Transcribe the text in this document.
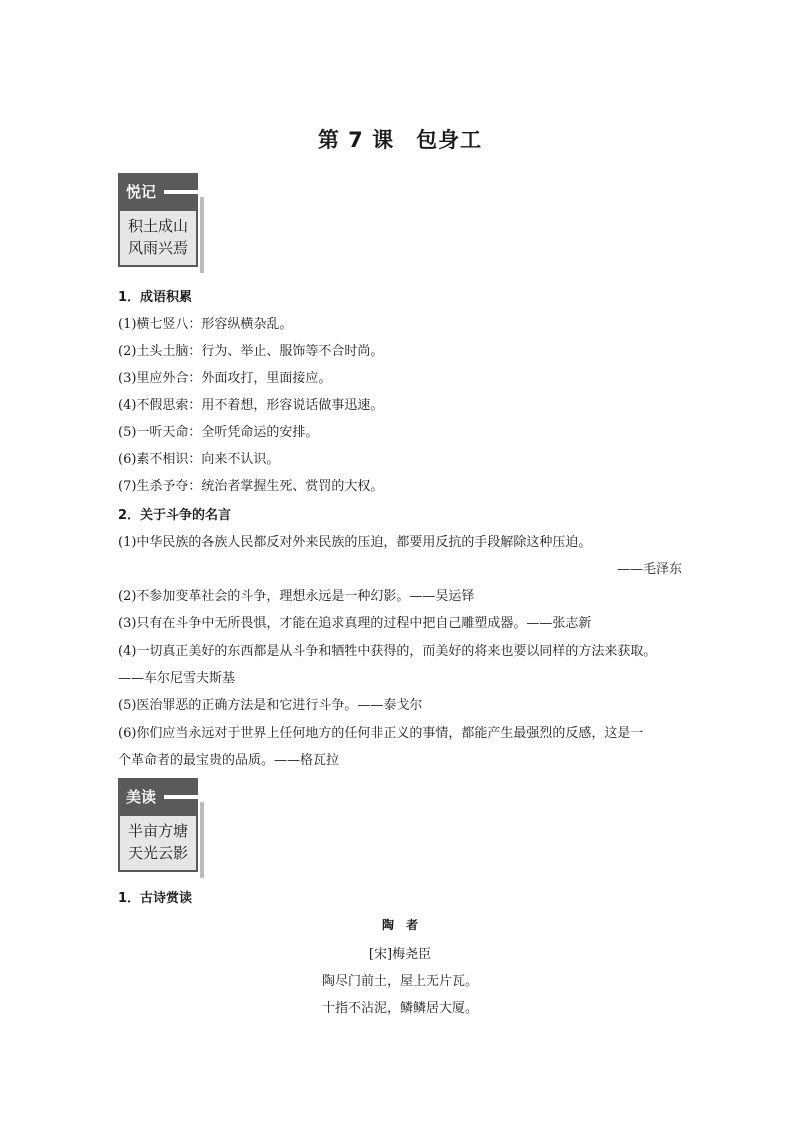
第 7 课　包身工
悦记
积土成山
风雨兴焉
1．成语积累
(1)横七竖八：形容纵横杂乱。
(2)土头土脑：行为、举止、服饰等不合时尚。
(3)里应外合：外面攻打，里面接应。
(4)不假思索：用不着想，形容说话做事迅速。
(5)一听天命：全听凭命运的安排。
(6)素不相识：向来不认识。
(7)生杀予夺：统治者掌握生死、赏罚的大权。
2．关于斗争的名言
(1)中华民族的各族人民都反对外来民族的压迫，都要用反抗的手段解除这种压迫。
——毛泽东
(2)不参加变革社会的斗争，理想永远是一种幻影。——吴运铎
(3)只有在斗争中无所畏惧，才能在追求真理的过程中把自己雕塑成器。——张志新
(4)一切真正美好的东西都是从斗争和牺牲中获得的，而美好的将来也要以同样的方法来获取。
——车尔尼雪夫斯基
(5)医治罪恶的正确方法是和它进行斗争。——泰戈尔
(6)你们应当永远对于世界上任何地方的任何非正义的事情，都能产生最强烈的反感，这是一
个革命者的最宝贵的品质。——格瓦拉
美读
半亩方塘
天光云影
1．古诗赏读
陶　者
[宋]梅尧臣
陶尽门前土，屋上无片瓦。
十指不沾泥，鳞鳞居大厦。
